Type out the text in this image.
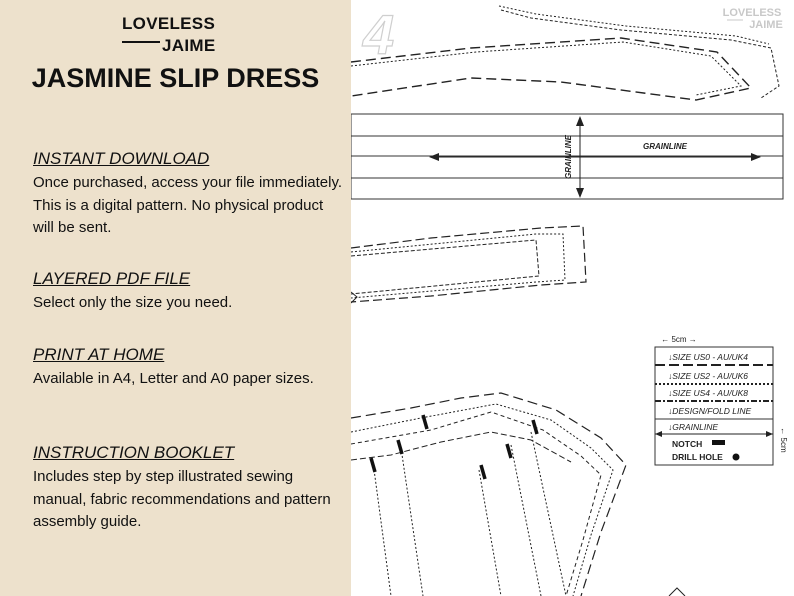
LOVELESS
JAIME
JASMINE SLIP DRESS

INSTANT DOWNLOAD

Once purchased, access your file immediately. This is a digital pattern. No physical product will be sent.

LAYERED PDF FILE

Select only the size you need.

PRINT AT HOME

Available in A4, Letter and A0 paper sizes.

INSTRUCTION BOOKLET

Includes step by step illustrated sewing manual, fabric recommendations and pattern assembly guide.

4	LOVELESS
JAIME
GRAINLINE
GRAINLINE
← 5cm →
↓SIZE US0 - AU/UK4
↓SIZE US2 - AU/UK6
↓SIZE US4 - AU/UK8
↓DESIGN/FOLD LINE
↓GRAINLINE
NOTCH
DRILL HOLE
← 5cm
